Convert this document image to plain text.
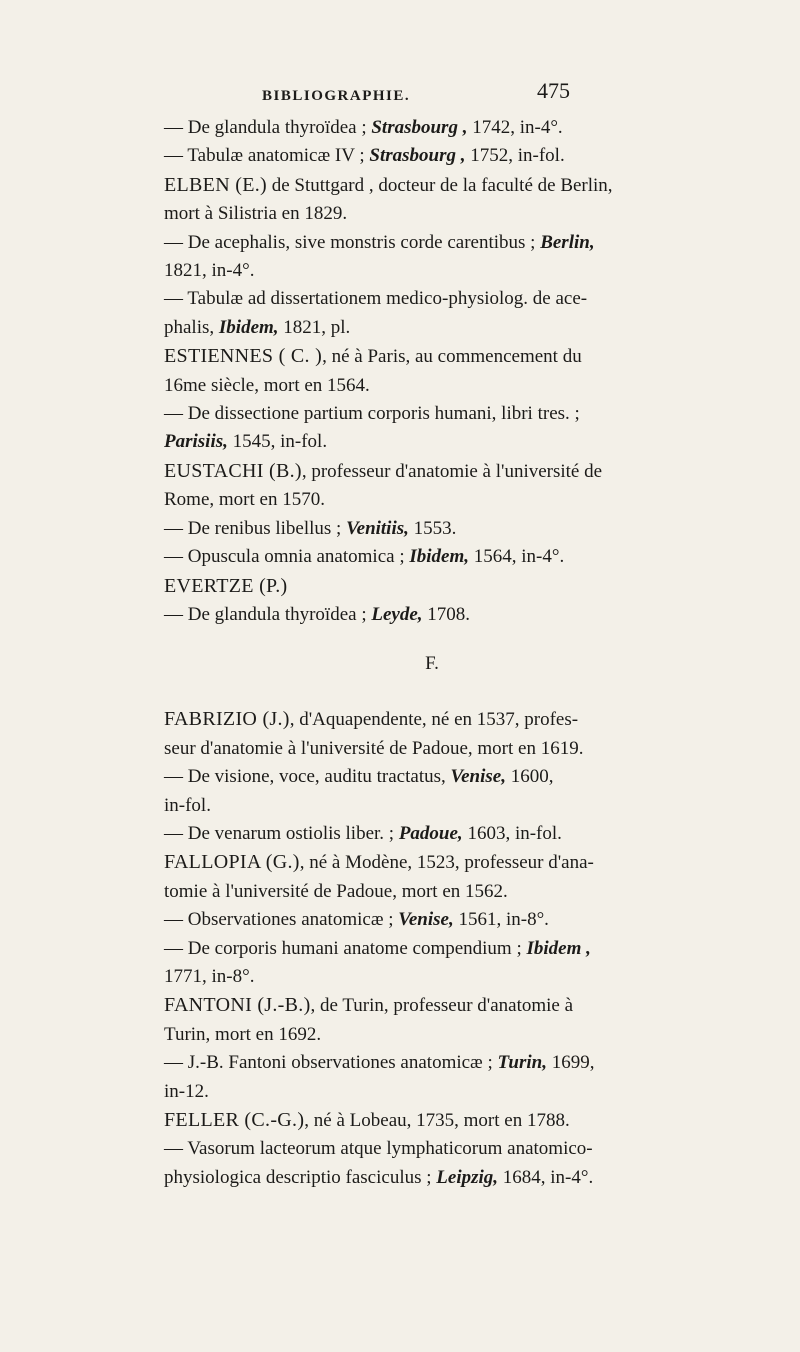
BIBLIOGRAPHIE.	475

— De glandula thyroïdea ; Strasbourg , 1742, in-4°.

— Tabulæ anatomicæ IV ; Strasbourg , 1752, in-fol.

ELBEN (E.) de Stuttgard , docteur de la faculté de Berlin,
mort à Silistria en 1829.

— De acephalis, sive monstris corde carentibus ; Berlin,
1821, in-4°.

— Tabulæ ad dissertationem medico-physiolog. de ace-
phalis, Ibidem, 1821, pl.

ESTIENNES ( C. ), né à Paris, au commencement du
16me siècle, mort en 1564.

— De dissectione partium corporis humani, libri tres. ;
Parisiis, 1545, in-fol.

EUSTACHI (B.), professeur d'anatomie à l'université de
Rome, mort en 1570.

— De renibus libellus ; Venitiis, 1553.

— Opuscula omnia anatomica ; Ibidem, 1564, in-4°.

EVERTZE (P.)

— De glandula thyroïdea ; Leyde, 1708.

F.

FABRIZIO (J.), d'Aquapendente, né en 1537, profes-
seur d'anatomie à l'université de Padoue, mort en 1619.

— De visione, voce, auditu tractatus, Venise, 1600,
in-fol.

— De venarum ostiolis liber. ; Padoue, 1603, in-fol.

FALLOPIA (G.), né à Modène, 1523, professeur d'ana-
tomie à l'université de Padoue, mort en 1562.

— Observationes anatomicæ ; Venise, 1561, in-8°.

— De corporis humani anatome compendium ; Ibidem ,
1771, in-8°.

FANTONI (J.-B.), de Turin, professeur d'anatomie à
Turin, mort en 1692.

— J.-B. Fantoni observationes anatomicæ ; Turin, 1699,
in-12.

FELLER (C.-G.), né à Lobeau, 1735, mort en 1788.

— Vasorum lacteorum atque lymphaticorum anatomico-
physiologica descriptio fasciculus ; Leipzig, 1684, in-4°.
